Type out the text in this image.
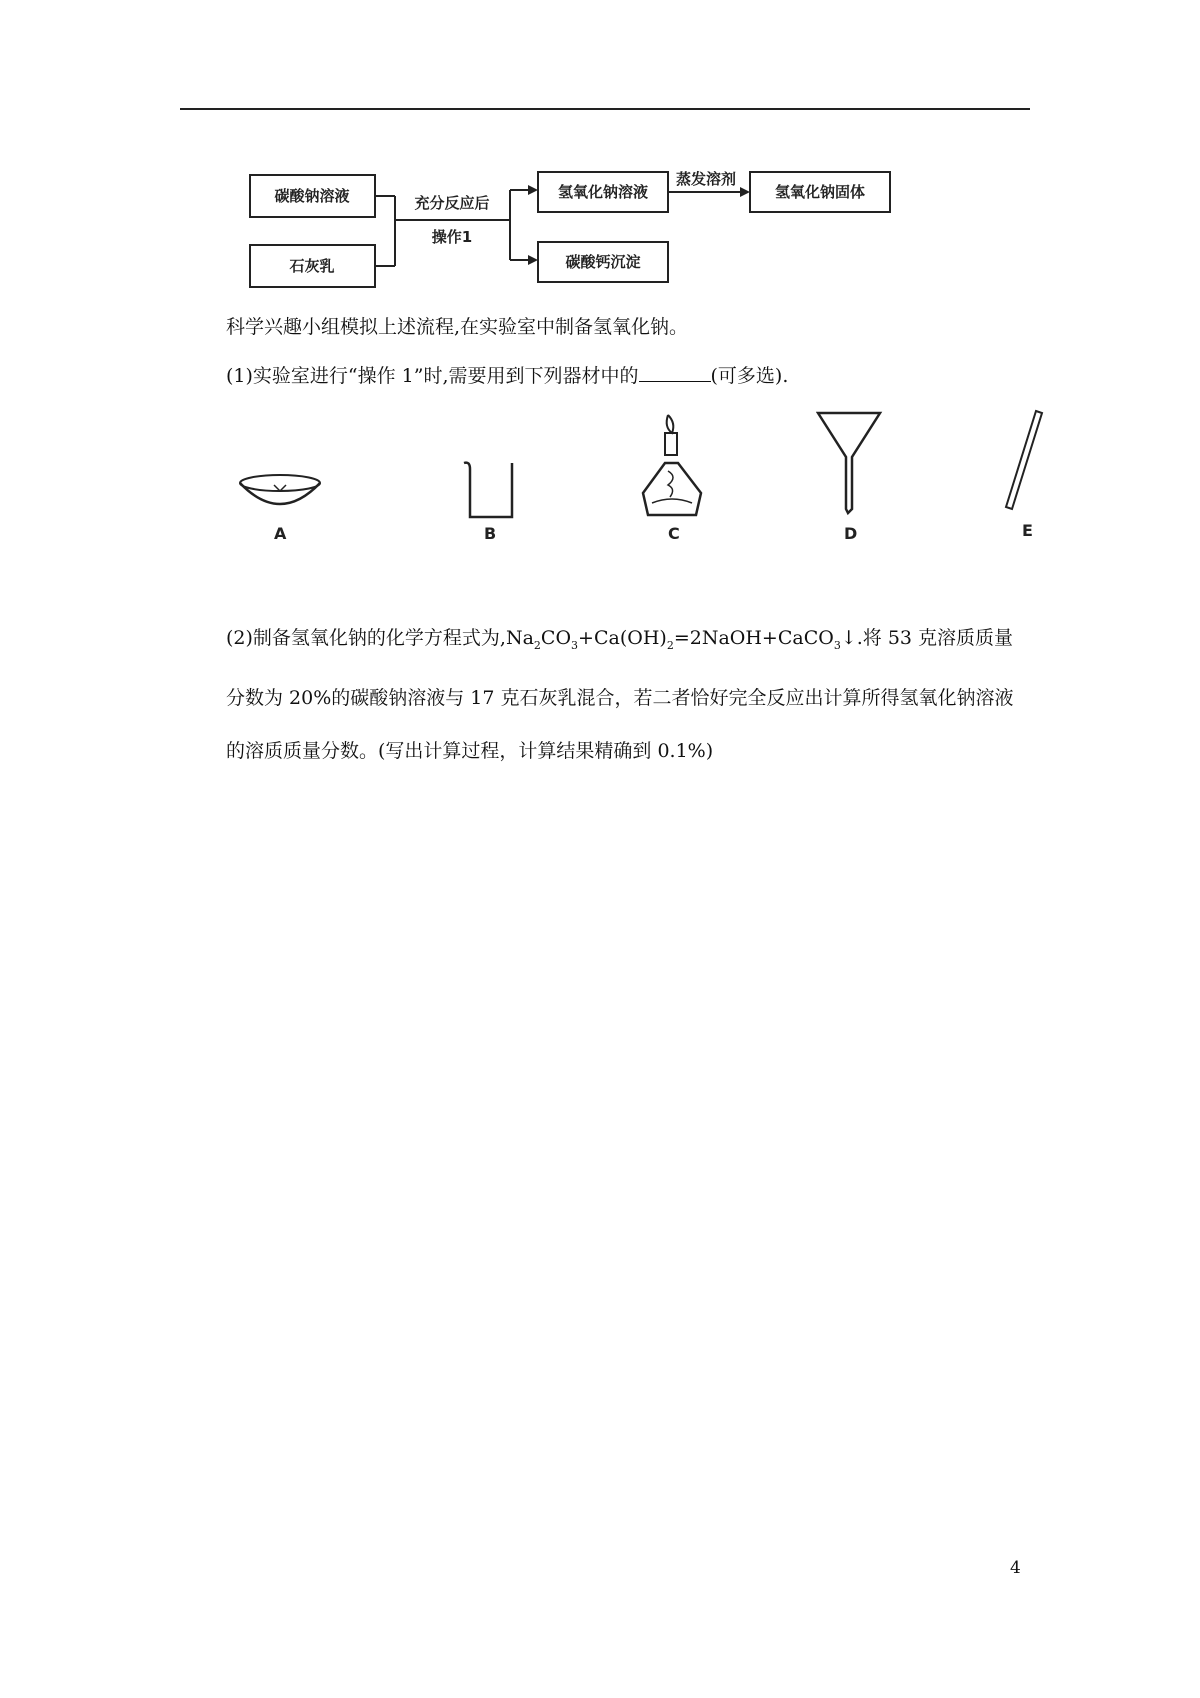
碳酸钠溶液
石灰乳
充分反应后
操作1
氢氧化钠溶液
碳酸钙沉淀
蒸发溶剂
氢氧化钠固体
科学兴趣小组模拟上述流程,在实验室中制备氢氧化钠。
(1)实验室进行“操作 1”时,需要用到下列器材中的	(可多选).
A	B	C	D	E
(2)制备氢氧化钠的化学方程式为$,Na_2CO_3+Ca(OH)_2=2NaOH+CaCO_3↓$.将 53 克溶质质量分数为 20%的碳酸钠溶液与 17 克石灰乳混合，若二者恰好完全反应出计算所得氢氧化钠溶液的溶质质量分数。(写出计算过程，计算结果精确到 0.1%)
4
